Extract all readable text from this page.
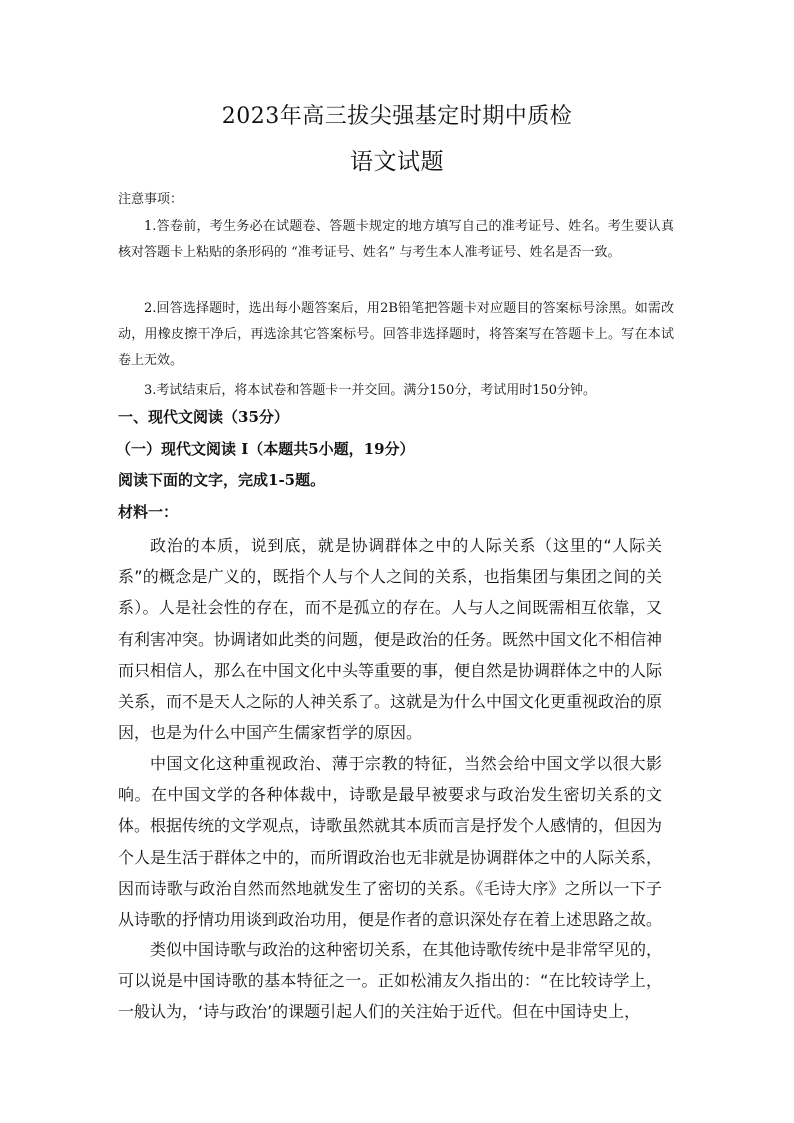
2023年高三拔尖强基定时期中质检
语文试题
注意事项：
1.答卷前，考生务必在试题卷、答题卡规定的地方填写自己的准考证号、姓名。考生要认真核对答题卡上粘贴的条形码的 “准考证号、姓名” 与考生本人准考证号、姓名是否一致。
2.回答选择题时，选出每小题答案后，用2B铅笔把答题卡对应题目的答案标号涂黑。如需改动，用橡皮擦干净后，再选涂其它答案标号。回答非选择题时，将答案写在答题卡上。写在本试卷上无效。
3.考试结束后，将本试卷和答题卡一并交回。满分150分，考试用时150分钟。
一、现代文阅读（35分）
（一）现代文阅读 I（本题共5小题，19分）
阅读下面的文字，完成1-5题。
材料一：

政治的本质，说到底，就是协调群体之中的人际关系（这里的“人际关系”的概念是广义的，既指个人与个人之间的关系，也指集团与集团之间的关系）。人是社会性的存在，而不是孤立的存在。人与人之间既需相互依靠，又有利害冲突。协调诸如此类的问题，便是政治的任务。既然中国文化不相信神而只相信人，那么在中国文化中头等重要的事，便自然是协调群体之中的人际关系，而不是天人之际的人神关系了。这就是为什么中国文化更重视政治的原因，也是为什么中国产生儒家哲学的原因。

中国文化这种重视政治、薄于宗教的特征，当然会给中国文学以很大影响。在中国文学的各种体裁中，诗歌是最早被要求与政治发生密切关系的文体。根据传统的文学观点，诗歌虽然就其本质而言是抒发个人感情的，但因为个人是生活于群体之中的，而所谓政治也无非就是协调群体之中的人际关系，因而诗歌与政治自然而然地就发生了密切的关系。《毛诗大序》之所以一下子从诗歌的抒情功用谈到政治功用，便是作者的意识深处存在着上述思路之故。

类似中国诗歌与政治的这种密切关系，在其他诗歌传统中是非常罕见的，可以说是中国诗歌的基本特征之一。正如松浦友久指出的：“在比较诗学上，一般认为，‘诗与政治’的课题引起人们的关注始于近代。但在中国诗史上，
